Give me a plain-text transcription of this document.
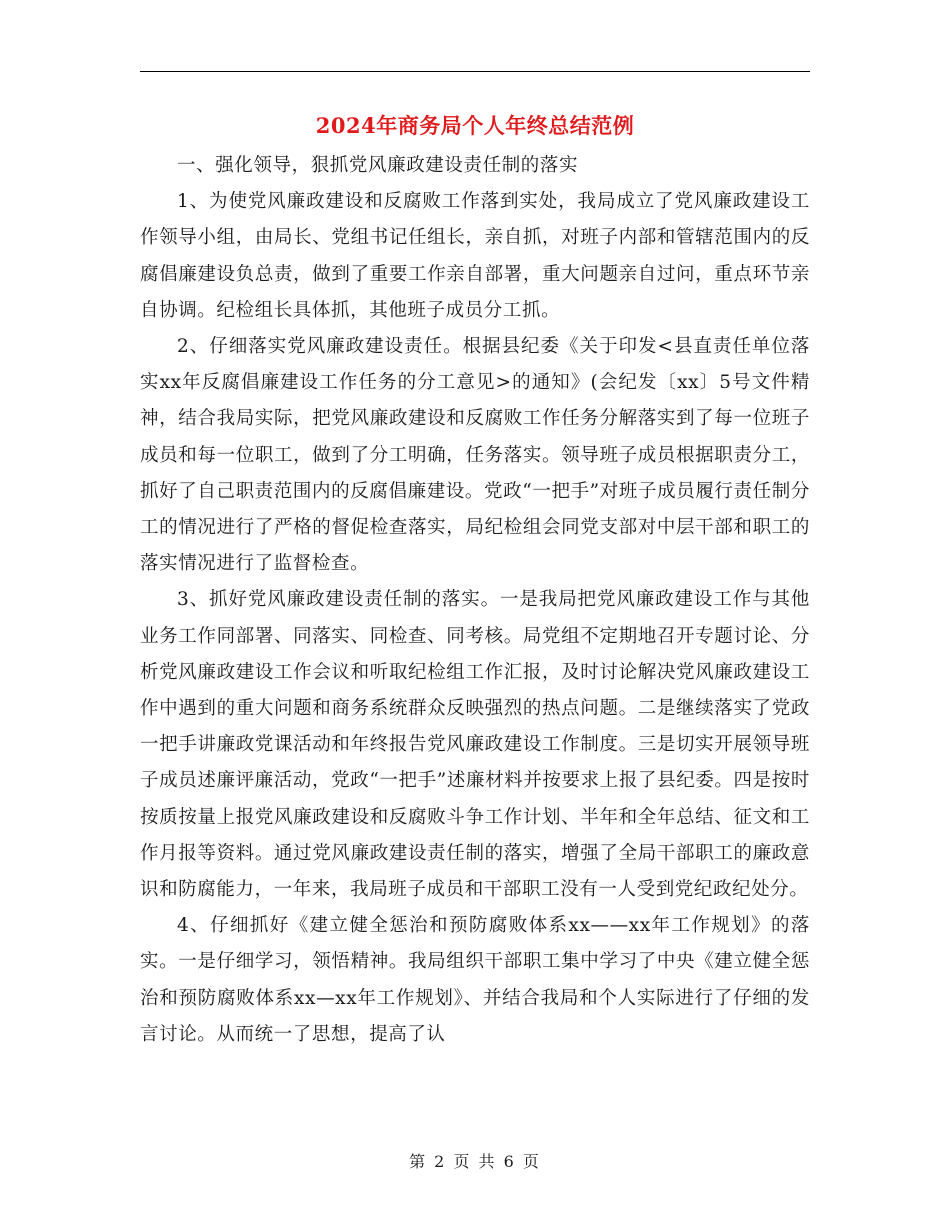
2024年商务局个人年终总结范例

一、强化领导，狠抓党风廉政建设责任制的落实

1、为使党风廉政建设和反腐败工作落到实处，我局成立了党风廉政建设工作领导小组，由局长、党组书记任组长，亲自抓，对班子内部和管辖范围内的反腐倡廉建设负总责，做到了重要工作亲自部署，重大问题亲自过问，重点环节亲自协调。纪检组长具体抓，其他班子成员分工抓。

2、仔细落实党风廉政建设责任。根据县纪委《关于印发<县直责任单位落实xx年反腐倡廉建设工作任务的分工意见>的通知》(会纪发〔xx〕5号文件精神，结合我局实际，把党风廉政建设和反腐败工作任务分解落实到了每一位班子成员和每一位职工，做到了分工明确，任务落实。领导班子成员根据职责分工，抓好了自己职责范围内的反腐倡廉建设。党政“一把手”对班子成员履行责任制分工的情况进行了严格的督促检查落实，局纪检组会同党支部对中层干部和职工的落实情况进行了监督检查。

3、抓好党风廉政建设责任制的落实。一是我局把党风廉政建设工作与其他业务工作同部署、同落实、同检查、同考核。局党组不定期地召开专题讨论、分析党风廉政建设工作会议和听取纪检组工作汇报，及时讨论解决党风廉政建设工作中遇到的重大问题和商务系统群众反映强烈的热点问题。二是继续落实了党政一把手讲廉政党课活动和年终报告党风廉政建设工作制度。三是切实开展领导班子成员述廉评廉活动，党政“一把手”述廉材料并按要求上报了县纪委。四是按时按质按量上报党风廉政建设和反腐败斗争工作计划、半年和全年总结、征文和工作月报等资料。通过党风廉政建设责任制的落实，增强了全局干部职工的廉政意识和防腐能力，一年来，我局班子成员和干部职工没有一人受到党纪政纪处分。

4、仔细抓好《建立健全惩治和预防腐败体系xx——xx年工作规划》的落实。一是仔细学习，领悟精神。我局组织干部职工集中学习了中央《建立健全惩治和预防腐败体系xx—xx年工作规划》、并结合我局和个人实际进行了仔细的发言讨论。从而统一了思想，提高了认

第 2 页 共 6 页
